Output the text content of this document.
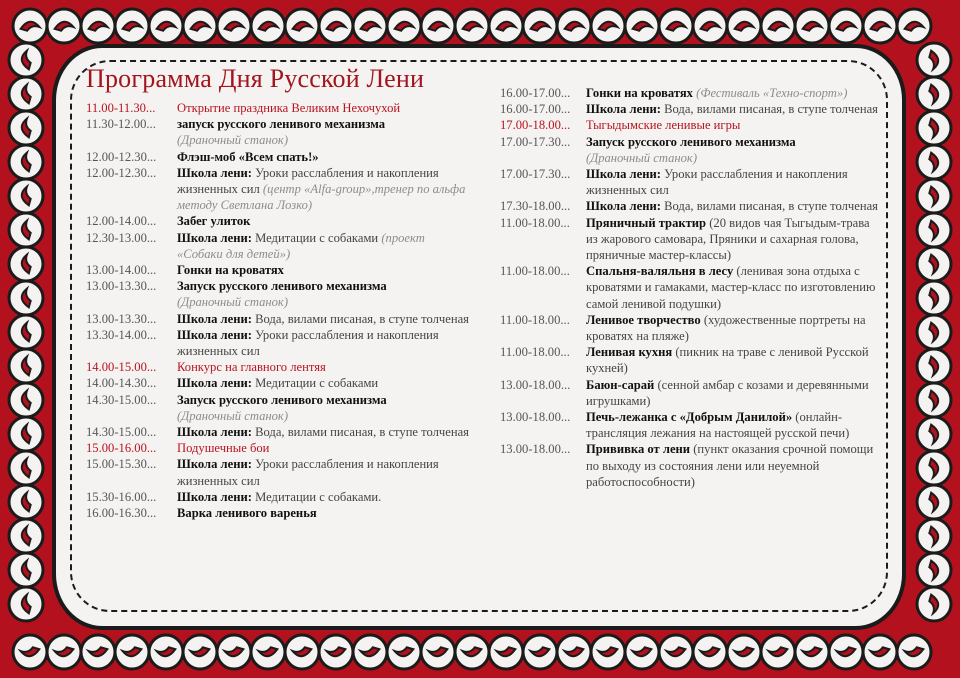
Программа Дня Русской Лени
11.00-11.30...	Открытие праздника Великим Нехочухой
11.30-12.00...	запуск русского ленивого механизма
(Драночный станок)
12.00-12.30...	Флэш-моб «Всем спать!»
12.00-12.30...	Школа лени: Уроки расслабления и накопления жизненных сил (центр «Alfa-group»,тренер по альфа методу Светлана Лозко)
12.00-14.00...	Забег улиток
12.30-13.00...	Школа лени: Медитации с собаками (проект «Собаки для детей»)
13.00-14.00...	Гонки на кроватях
13.00-13.30...	Запуск русского ленивого механизма
(Драночный станок)
13.00-13.30...	Школа лени: Вода, вилами писаная, в ступе толченая
13.30-14.00...	Школа лени: Уроки расслабления и накопления жизненных сил
14.00-15.00...	Конкурс на главного лентяя
14.00-14.30...	Школа лени: Медитации с собаками
14.30-15.00...	Запуск русского ленивого механизма
(Драночный станок)
14.30-15.00...	Школа лени: Вода, вилами писаная, в ступе толченая
15.00-16.00...	Подушечные бои
15.00-15.30...	Школа лени: Уроки расслабления и накопления жизненных сил
15.30-16.00...	Школа лени: Медитации с собаками.
16.00-16.30...	Варка ленивого варенья
16.00-17.00...	Гонки на кроватях (Фестиваль «Техно-спорт»)
16.00-17.00...	Школа лени: Вода, вилами писаная, в ступе толченая
17.00-18.00...	Тыгыдымские ленивые игры
17.00-17.30...	Запуск русского ленивого механизма
(Драночный станок)
17.00-17.30...	Школа лени: Уроки расслабления и накопления жизненных сил
17.30-18.00...	Школа лени: Вода, вилами писаная, в ступе толченая
11.00-18.00...	Пряничный трактир (20 видов чая Тыгыдым-трава из жарового самовара, Пряники и сахарная голова, пряничные мастер-классы)
11.00-18.00...	Спальня-валяльня в лесу (ленивая зона отдыха с кроватями и гамаками, мастер-класс по изготовлению самой ленивой подушки)
11.00-18.00...	Ленивое творчество (художественные портреты на кроватях на пляже)
11.00-18.00...	Ленивая кухня (пикник на траве с ленивой Русской кухней)
13.00-18.00...	Баюн-сарай (сенной амбар с козами и деревянными игрушками)
13.00-18.00...	Печь-лежанка с «Добрым Данилой» (онлайн-трансляция лежания на настоящей русской печи)
13.00-18.00...	Прививка от лени (пункт оказания срочной помощи по выходу из состояния лени или неуемной работоспособности)
